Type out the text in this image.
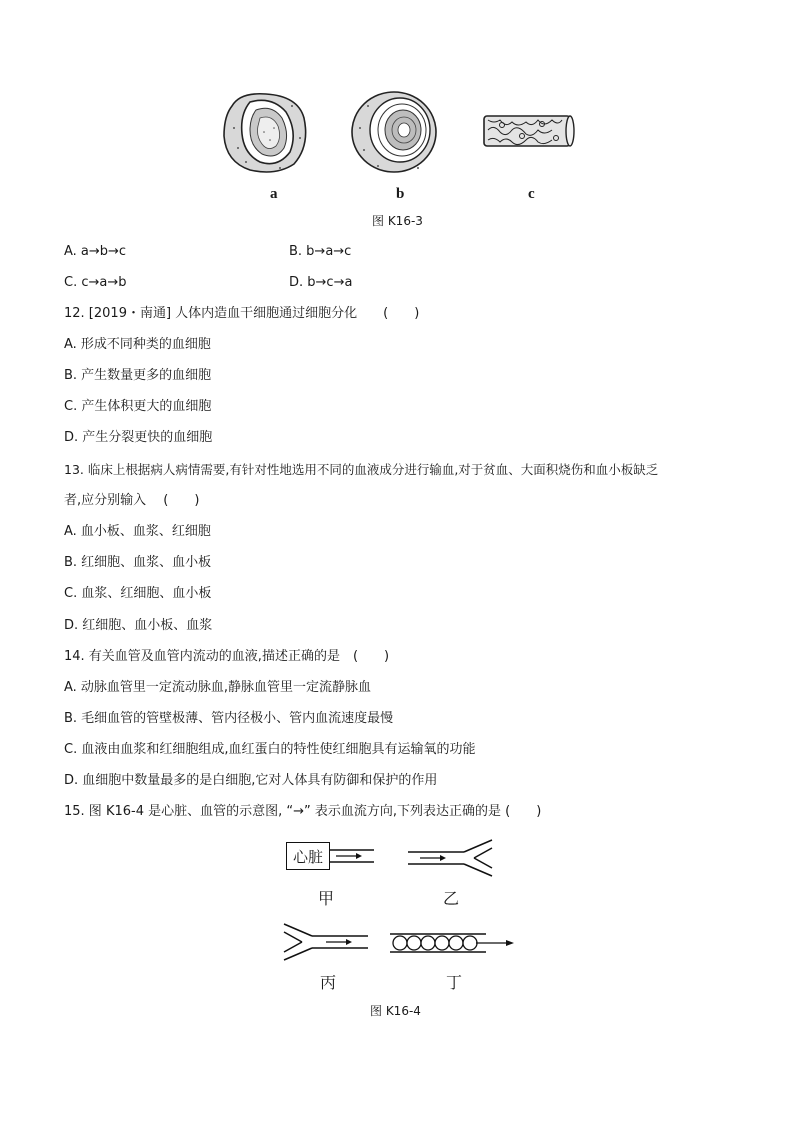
a	b	c
图 K16-3
A. a→b→c	B. b→a→c
C. c→a→b	D. b→c→a
12. [2019・南通] 人体内造血干细胞通过细胞分化　　(　　)
A. 形成不同种类的血细胞
B. 产生数量更多的血细胞
C. 产生体积更大的血细胞
D. 产生分裂更快的血细胞
13. 临床上根据病人病情需要,有针对性地选用不同的血液成分进行输血,对于贫血、大面积烧伤和血小板缺乏
者,应分别输入　 (　　)
A. 血小板、血浆、红细胞
B. 红细胞、血浆、血小板
C. 血浆、红细胞、血小板
D. 红细胞、血小板、血浆
14. 有关血管及血管内流动的血液,描述正确的是　(　　)
A. 动脉血管里一定流动脉血,静脉血管里一定流静脉血
B. 毛细血管的管壁极薄、管内径极小、管内血流速度最慢
C. 血液由血浆和红细胞组成,血红蛋白的特性使红细胞具有运输氧的功能
D. 血细胞中数量最多的是白细胞,它对人体具有防御和保护的作用
15. 图 K16-4 是心脏、血管的示意图, “→” 表示血流方向,下列表达正确的是 (　　)
心脏
甲	乙
丙	丁
图 K16-4
